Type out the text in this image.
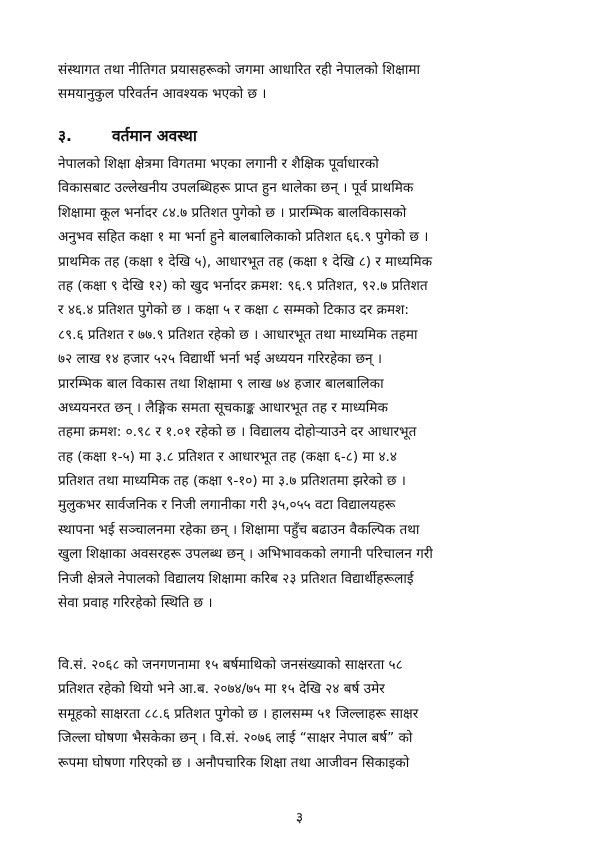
संस्थागत तथा नीतिगत प्रयासहरूको जगमा आधारित रही नेपालको शिक्षामा
समयानुकुल परिवर्तन आवश्यक भएको छ ।
३.	वर्तमान अवस्था
नेपालको शिक्षा क्षेत्रमा विगतमा भएका लगानी र शैक्षिक पूर्वाधारको
विकासबाट उल्लेखनीय उपलब्धिहरू प्राप्त हुन थालेका छन् । पूर्व प्राथमिक
शिक्षामा कूल भर्नादर ८४.७ प्रतिशत पुगेको छ । प्रारम्भिक बालविकासको
अनुभव सहित कक्षा १ मा भर्ना हुने बालबालिकाको प्रतिशत ६६.९ पुगेको छ ।
प्राथमिक तह (कक्षा १ देखि ५), आधारभूत तह (कक्षा १ देखि ८) र माध्यमिक
तह (कक्षा ९ देखि १२) को खुद भर्नादर क्रमश: ९६.९ प्रतिशत, ९२.७ प्रतिशत
र ४६.४ प्रतिशत पुगेको छ । कक्षा ५ र कक्षा ८ सम्मको टिकाउ दर क्रमश:
८९.६ प्रतिशत र ७७.९ प्रतिशत रहेको छ । आधारभूत तथा माध्यमिक तहमा
७२ लाख १४ हजार ५२५ विद्यार्थी भर्ना भई अध्ययन गरिरहेका छन् ।
प्रारम्भिक बाल विकास तथा शिक्षामा ९ लाख ७४ हजार बालबालिका
अध्ययनरत छन् । लैङ्गिक समता सूचकाङ्क आधारभूत तह र माध्यमिक
तहमा क्रमश: ०.९८ र १.०१ रहेको छ । विद्यालय दोहोर्‍याउने दर आधारभूत
तह (कक्षा १-५) मा ३.८ प्रतिशत र आधारभूत तह (कक्षा ६-८) मा ४.४
प्रतिशत तथा माध्यमिक तह (कक्षा ९-१०) मा ३.७ प्रतिशतमा झरेको छ ।
मुलुकभर सार्वजनिक र निजी लगानीका गरी ३५,०५५ वटा विद्यालयहरू
स्थापना भई सञ्चालनमा रहेका छन् । शिक्षामा पहुँच बढाउन वैकल्पिक तथा
खुला शिक्षाका अवसरहरू उपलब्ध छन् । अभिभावकको लगानी परिचालन गरी
निजी क्षेत्रले नेपालको विद्यालय शिक्षामा करिब २३ प्रतिशत विद्यार्थीहरूलाई
सेवा प्रवाह गरिरहेको स्थिति छ ।
वि.सं. २०६८ को जनगणनामा १५ बर्षमाथिको जनसंख्याको साक्षरता ५८
प्रतिशत रहेको थियो भने आ.ब. २०७४/७५ मा १५ देखि २४ बर्ष उमेर
समूहको साक्षरता ८८.६ प्रतिशत पुगेको छ । हालसम्म ५१ जिल्लाहरू साक्षर
जिल्ला घोषणा भैसकेका छन् । वि.सं. २०७६ लाई “साक्षर नेपाल बर्ष” को
रूपमा घोषणा गरिएको छ । अनौपचारिक शिक्षा तथा आजीवन सिकाइको
३
